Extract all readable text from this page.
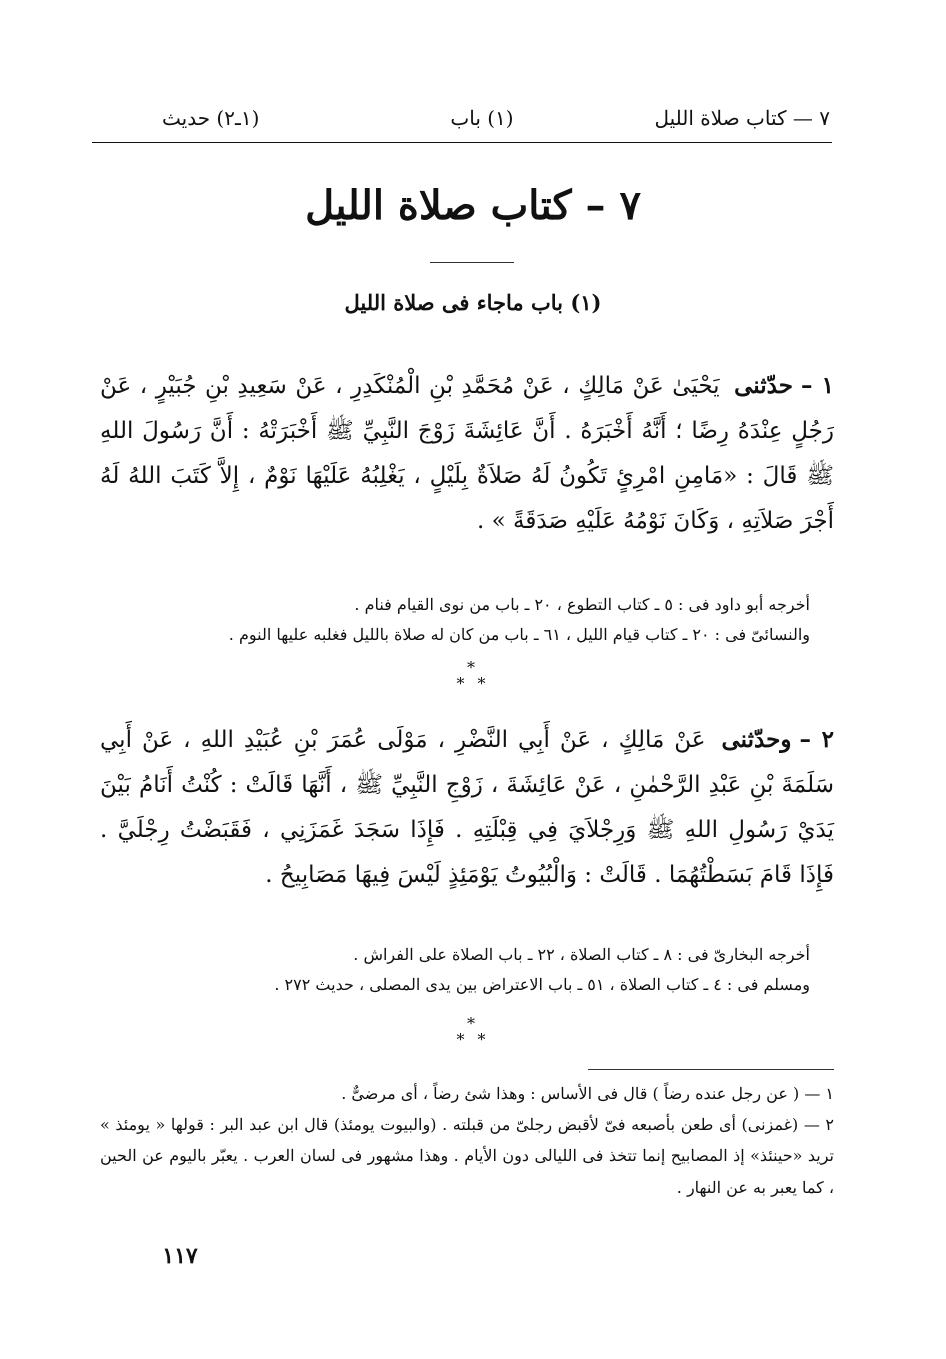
٧ — كتاب صلاة الليل
(١) باب
(١ـ٢) حديث
٧ – كتاب صلاة الليل
(١) باب ماجاء فى صلاة الليل

١ –حدّثنى يَحْيَىٰ عَنْ مَالِكٍ ، عَنْ مُحَمَّدِ بْنِ الْمُنْكَدِرِ ، عَنْ سَعِيدِ بْنِ جُبَيْرٍ ، عَنْ رَجُلٍ عِنْدَهُ رِضًا ؛ أَنَّهُ أَخْبَرَهُ . أَنَّ عَائِشَةَ زَوْجَ النَّبِيِّ ﷺ أَخْبَرَتْهُ : أَنَّ رَسُولَ اللهِ ﷺ قَالَ : «مَامِنِ امْرِئٍ تَكُونُ لَهُ صَلاَةٌ بِلَيْلٍ ، يَغْلِبُهُ عَلَيْهَا نَوْمٌ ، إِلاَّ كَتَبَ اللهُ لَهُ أَجْرَ صَلاَتِهِ ، وَكَانَ نَوْمُهُ عَلَيْهِ صَدَقَةً » .

أخرجه أبو داود فى : ٥ ـ كتاب التطوع ، ٢٠ ـ باب من نوى القيام فنام .
والنسائىّ فى : ٢٠ ـ كتاب قيام الليل ، ٦١ ـ باب من كان له صلاة بالليل فغلبه عليها النوم .
*
* *

٢ –وحدّثنى عَنْ مَالِكٍ ، عَنْ أَبِي النَّضْرِ ، مَوْلَى عُمَرَ بْنِ عُبَيْدِ اللهِ ، عَنْ أَبِي سَلَمَةَ بْنِ عَبْدِ الرَّحْمٰنِ ، عَنْ عَائِشَةَ ، زَوْجِ النَّبِيِّ ﷺ ، أَنَّهَا قَالَتْ : كُنْتُ أَنَامُ بَيْنَ يَدَيْ رَسُولِ اللهِ ﷺ وَرِجْلاَيَ فِي قِبْلَتِهِ . فَإِذَا سَجَدَ غَمَزَنِي ، فَقَبَضْتُ رِجْلَيَّ . فَإِذَا قَامَ بَسَطْتُهُمَا . قَالَتْ : وَالْبُيُوتُ يَوْمَئِذٍ لَيْسَ فِيهَا مَصَابِيحُ .

أخرجه البخارىّ فى : ٨ ـ كتاب الصلاة ، ٢٢ ـ باب الصلاة على الفراش .
ومسلم فى : ٤ ـ كتاب الصلاة ، ٥١ ـ باب الاعتراض بين يدى المصلى ، حديث ٢٧٢ .
*
* *

١ — ( عن رجل عنده رضاً ) قال فى الأساس : وهذا شئ رضاً ، أى مرضىٌّ .

٢ — (غمزنى) أى طعن بأصبعه فىّ لأقبض رجلىّ من قبلته . (والبيوت يومئذ) قال ابن عبد البر : قولها « يومئذ » تريد «حينئذ» إذ المصابيح إنما تتخذ فى الليالى دون الأيام . وهذا مشهور فى لسان العرب . يعبّر باليوم عن الحين ، كما يعبر به عن النهار .

١١٧
